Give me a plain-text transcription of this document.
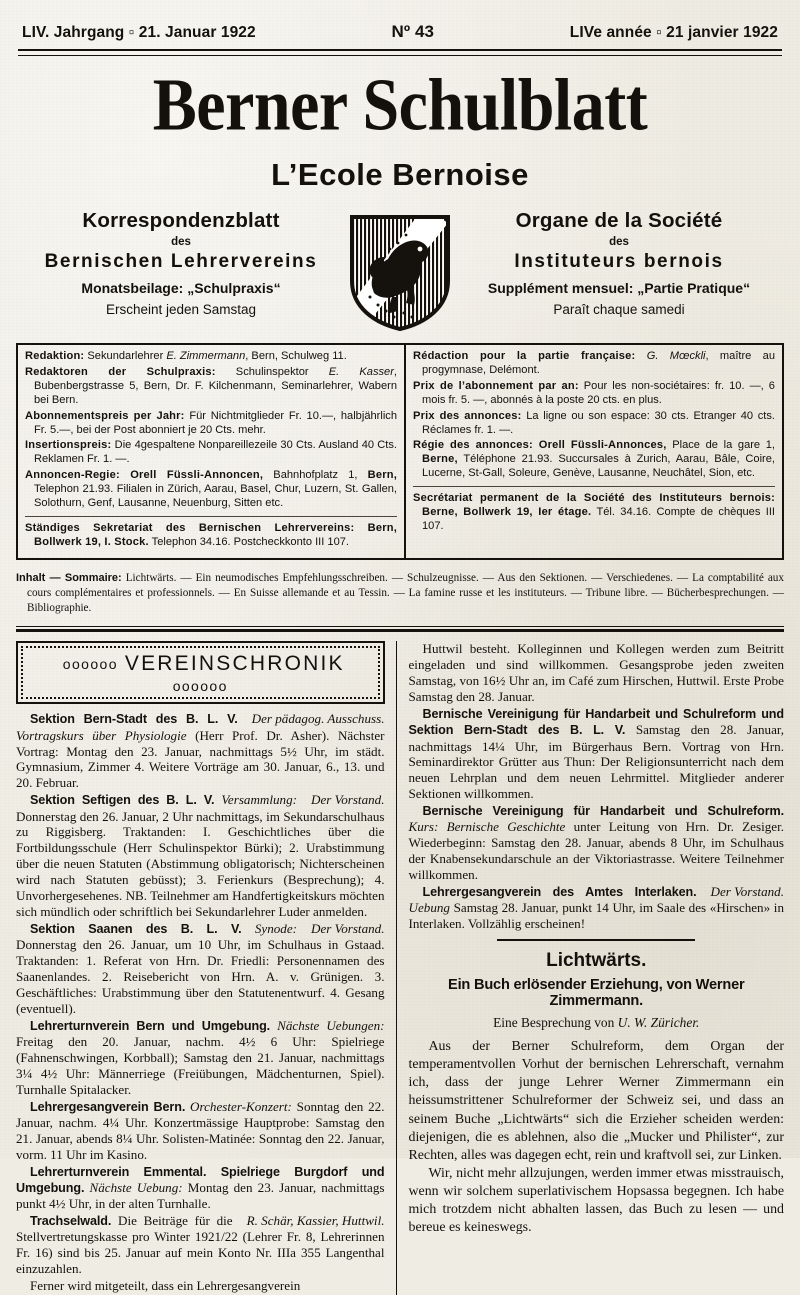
LIV. Jahrgang ▫ 21. Januar 1922	Nº 43	LIVe année ▫ 21 janvier 1922
Berner Schulblatt
L’Ecole Bernoise
Korrespondenzblatt
des
Bernischen Lehrervereins
Monatsbeilage: „Schulpraxis“
Erscheint jeden Samstag
Organe de la Société
des
Instituteurs bernois
Supplément mensuel: „Partie Pratique“
Paraît chaque samedi

Redaktion: Sekundarlehrer E. Zimmermann, Bern, Schulweg 11.

Redaktoren der Schulpraxis: Schulinspektor E. Kasser, Bubenbergstrasse 5, Bern, Dr. F. Kilchenmann, Seminarlehrer, Wabern bei Bern.

Abonnementspreis per Jahr: Für Nichtmitglieder Fr. 10.—, halbjährlich Fr. 5.—, bei der Post abonniert je 20 Cts. mehr.

Insertionspreis: Die 4gespaltene Nonpareillezeile 30 Cts. Ausland 40 Cts. Reklamen Fr. 1. —.

Annoncen-Regie: Orell Füssli-Annoncen, Bahnhofplatz 1, Bern, Telephon 21.93. Filialen in Zürich, Aarau, Basel, Chur, Luzern, St. Gallen, Solothurn, Genf, Lausanne, Neuenburg, Sitten etc.

Ständiges Sekretariat des Bernischen Lehrervereins: Bern, Bollwerk 19, I. Stock. Telephon 34.16. Postcheckkonto III 107.

Rédaction pour la partie française: G. Mœckli, maître au progymnase, Delémont.

Prix de l’abonnement par an: Pour les non-sociétaires: fr. 10. —, 6 mois fr. 5. —, abonnés à la poste 20 cts. en plus.

Prix des annonces: La ligne ou son espace: 30 cts. Etranger 40 cts. Réclames fr. 1. —.

Régie des annonces: Orell Füssli-Annonces, Place de la gare 1, Berne, Téléphone 21.93. Succursales à Zurich, Aarau, Bâle, Coire, Lucerne, St-Gall, Soleure, Genève, Lausanne, Neuchâtel, Sion, etc.

Secrétariat permanent de la Société des Instituteurs bernois: Berne, Bollwerk 19, Ier étage. Tél. 34.16. Compte de chèques III 107.

Inhalt — Sommaire: Lichtwärts. — Ein neumodisches Empfehlungsschreiben. — Schulzeugnisse. — Aus den Sektionen. — Verschiedenes. — La comptabilité aux cours complémentaires et professionnels. — En Suisse allemande et au Tessin. — La famine russe et les instituteurs. — Tribune libre. — Bücherbesprechungen. — Bibliographie.

oooooo VEREINSCHRONIKoooooo

Der pädagog. Ausschuss.
Sektion Bern-Stadt des B. L. V. Vortragskurs über Physiologie (Herr Prof. Dr. Asher). Nächster Vortrag: Montag den 23. Januar, nachmittags 5½ Uhr, im städt. Gymnasium, Zimmer 4. Weitere Vorträge am 30. Januar, 6., 13. und 20. Februar.

Der Vorstand.
Sektion Seftigen des B. L. V. Versammlung: Donnerstag den 26. Januar, 2 Uhr nachmittags, im Sekundarschulhaus zu Riggisberg. Traktanden: I. Geschichtliches über die Fortbildungsschule (Herr Schulinspektor Bürki); 2. Urabstimmung über die neuen Statuten (Abstimmung obligatorisch; Nichterscheinen wird nach Statuten gebüsst); 3. Ferienkurs (Besprechung); 4. Unvorhergesehenes. NB. Teilnehmer am Handfertigkeitskurs möchten sich mündlich oder schriftlich bei Sekundarlehrer Luder anmelden.

Der Vorstand.
Sektion Saanen des B. L. V. Synode: Donnerstag den 26. Januar, um 10 Uhr, im Schulhaus in Gstaad. Traktanden: 1. Referat von Hrn. Dr. Friedli: Personennamen des Saanenlandes. 2. Reisebericht von Hrn. A. v. Grünigen. 3. Geschäftliches: Urabstimmung über den Statutenentwurf. 4. Gesang (eventuell).

Lehrerturnverein Bern und Umgebung. Nächste Uebungen: Freitag den 20. Januar, nachm. 4½ 6 Uhr: Spielriege (Fahnenschwingen, Korbball); Samstag den 21. Januar, nachmittags 3¼ 4½ Uhr: Männerriege (Freiübungen, Mädchenturnen, Spiel). Turnhalle Spitalacker.

Lehrergesangverein Bern. Orchester-Konzert: Sonntag den 22. Januar, nachm. 4¼ Uhr. Konzertmässige Hauptprobe: Samstag den 21. Januar, abends 8¼ Uhr. Solisten-Matinée: Sonntag den 22. Januar, vorm. 11 Uhr im Kasino.

Lehrerturnverein Emmental. Spielriege Burgdorf und Umgebung. Nächste Uebung: Montag den 23. Januar, nachmittags punkt 4½ Uhr, in der alten Turnhalle.

R. Schär, Kassier, Huttwil.
Trachselwald. Die Beiträge für die Stellvertretungskasse pro Winter 1921/22 (Lehrer Fr. 8, Lehrerinnen Fr. 16) sind bis 25. Januar auf mein Konto Nr. IIIa 355 Langenthal einzuzahlen.

Ferner wird mitgeteilt, dass ein Lehrergesangverein

Huttwil besteht. Kolleginnen und Kollegen werden zum Beitritt eingeladen und sind willkommen. Gesangsprobe jeden zweiten Samstag, von 16½ Uhr an, im Café zum Hirschen, Huttwil. Erste Probe Samstag den 28. Januar.

Bernische Vereinigung für Handarbeit und Schulreform und Sektion Bern-Stadt des B. L. V. Samstag den 28. Januar, nachmittags 14¼ Uhr, im Bürgerhaus Bern. Vortrag von Hrn. Seminardirektor Grütter aus Thun: Der Religionsunterricht nach dem neuen Lehrplan und dem neuen Lehrmittel. Mitglieder anderer Sektionen willkommen.

Bernische Vereinigung für Handarbeit und Schulreform. Kurs: Bernische Geschichte unter Leitung von Hrn. Dr. Zesiger. Wiederbeginn: Samstag den 28. Januar, abends 8 Uhr, im Schulhaus der Knabensekundarschule an der Viktoriastrasse. Weitere Teilnehmer willkommen.

Der Vorstand.
Lehrergesangverein des Amtes Interlaken. Uebung Samstag 28. Januar, punkt 14 Uhr, im Saale des «Hirschen» in Interlaken. Vollzählig erscheinen!

Lichtwärts.
Ein Buch erlösender Erziehung, von Werner Zimmermann.
Eine Besprechung von U. W. Züricher.

Aus der Berner Schulreform, dem Organ der temperamentvollen Vorhut der bernischen Lehrerschaft, vernahm ich, dass der junge Lehrer Werner Zimmermann ein heissumstrittener Schulreformer der Schweiz sei, und dass an seinem Buche „Lichtwärts“ sich die Erzieher scheiden werden: diejenigen, die es ablehnen, also die „Mucker und Philister“, zur Rechten, alles was dagegen echt, rein und kraftvoll sei, zur Linken.

Wir, nicht mehr allzujungen, werden immer etwas misstrauisch, wenn wir solchem superlativischem Hopsassa begegnen. Ich habe mich trotzdem nicht abhalten lassen, das Buch zu lesen — und bereue es keineswegs.
